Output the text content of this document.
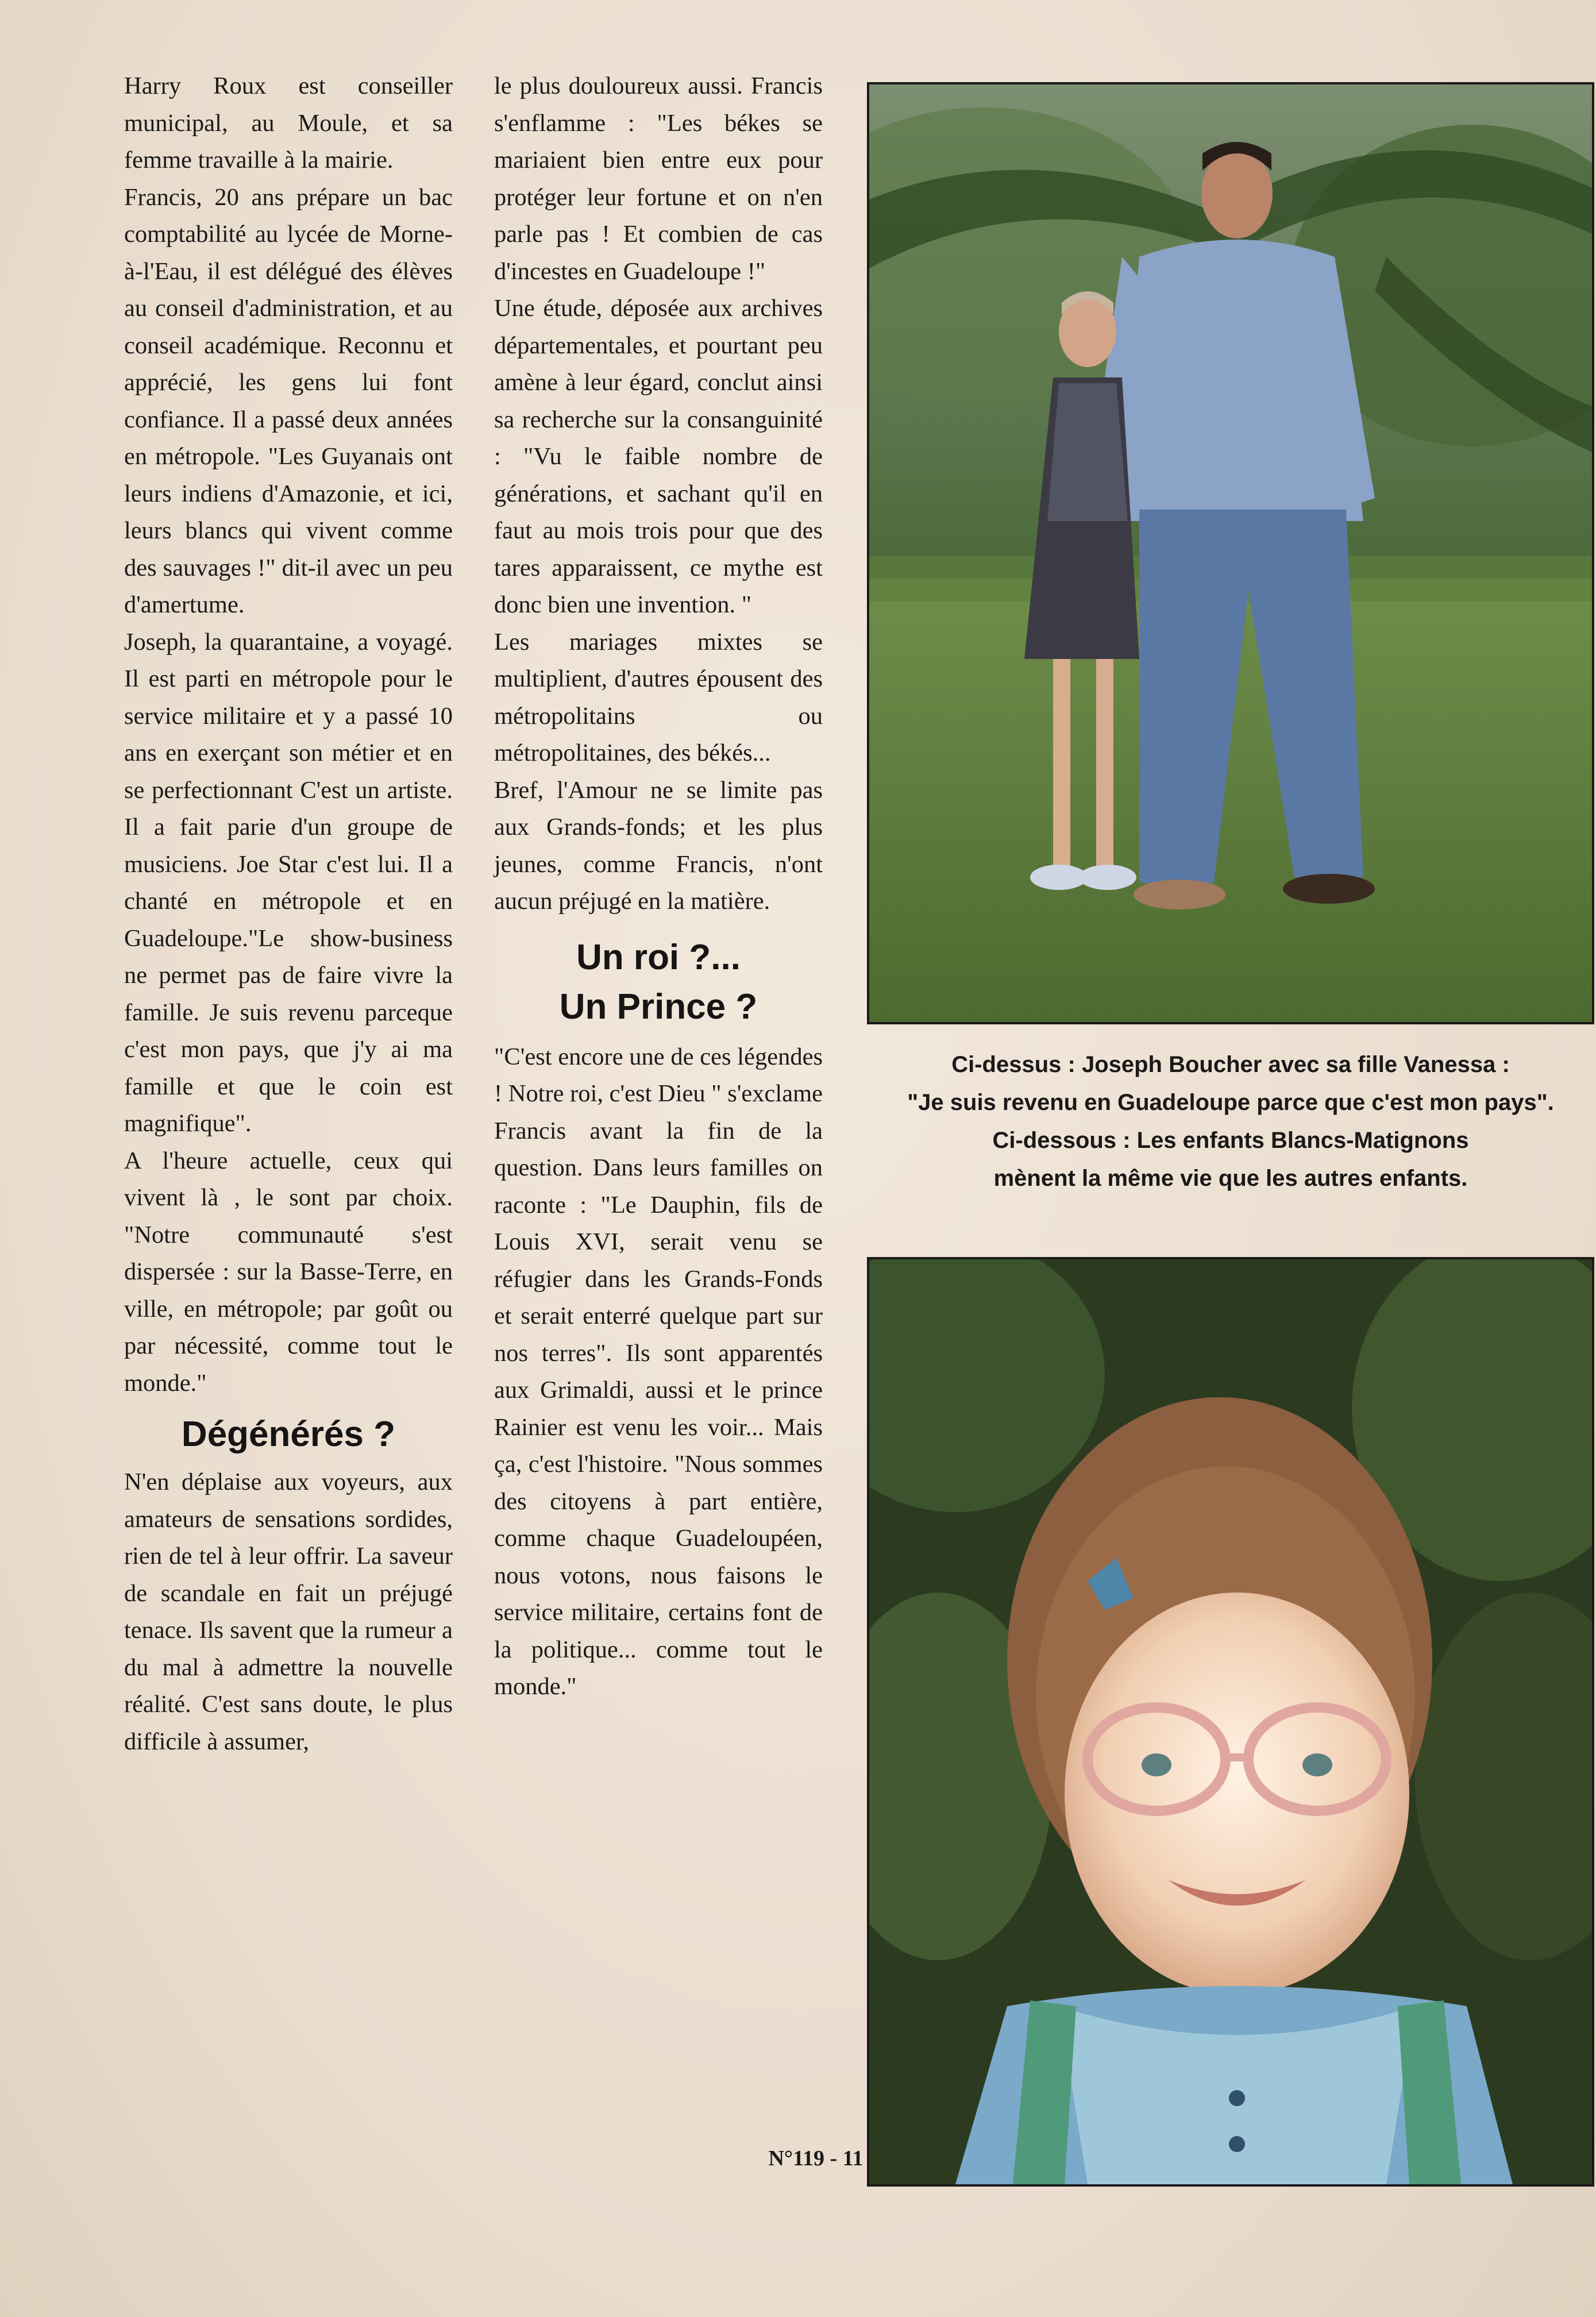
Harry Roux est conseiller municipal, au Moule, et sa femme travaille à la mairie.

Francis, 20 ans prépare un bac comptabilité au lycée de Morne-à-l'Eau, il est délégué des élèves au conseil d'administration, et au conseil académique. Reconnu et apprécié, les gens lui font confiance. Il a passé deux années en métropole. "Les Guyanais ont leurs indiens d'Amazonie, et ici, leurs blancs qui vivent comme des sauvages !" dit-il avec un peu d'amertume.

Joseph, la quarantaine, a voyagé. Il est parti en métropole pour le service militaire et y a passé 10 ans en exerçant son métier et en se perfectionnant C'est un artiste. Il a fait parie d'un groupe de musiciens. Joe Star c'est lui. Il a chanté en métropole et en Guadeloupe."Le show-business ne permet pas de faire vivre la famille. Je suis revenu parceque c'est mon pays, que j'y ai ma famille et que le coin est magnifique".

A l'heure actuelle, ceux qui vivent là , le sont par choix. "Notre communauté s'est dispersée : sur la Basse-Terre, en ville, en métropole; par goût ou par nécessité, comme tout le monde."

Dégénérés ?

N'en déplaise aux voyeurs, aux amateurs de sensations sordides, rien de tel à leur offrir. La saveur de scandale en fait un préjugé tenace. Ils savent que la rumeur a du mal à admettre la nouvelle réalité. C'est sans doute, le plus difficile à assumer,

le plus douloureux aussi. Francis s'enflamme : "Les békes se mariaient bien entre eux pour protéger leur fortune et on n'en parle pas ! Et combien de cas d'incestes en Guadeloupe !"

Une étude, déposée aux archives départementales, et pourtant peu amène à leur égard, conclut ainsi sa recherche sur la consanguinité : "Vu le faible nombre de générations, et sachant qu'il en faut au mois trois pour que des tares apparaissent, ce mythe est donc bien une invention. "

Les mariages mixtes se multiplient, d'autres épousent des métropolitains ou métropolitaines, des békés...

Bref, l'Amour ne se limite pas aux Grands-fonds; et les plus jeunes, comme Francis, n'ont aucun préjugé en la matière.

Un roi ?...
Un Prince ?

"C'est encore une de ces légendes ! Notre roi, c'est Dieu " s'exclame Francis avant la fin de la question. Dans leurs familles on raconte : "Le Dauphin, fils de Louis XVI, serait venu se réfugier dans les Grands-Fonds et serait enterré quelque part sur nos terres". Ils sont apparentés aux Grimaldi, aussi et le prince Rainier est venu les voir... Mais ça, c'est l'histoire. "Nous sommes des citoyens à part entière, comme chaque Guadeloupéen, nous votons, nous faisons le service militaire, certains font de la politique... comme tout le monde."

Ci-dessus : Joseph Boucher avec sa fille Vanessa :

"Je suis revenu en Guadeloupe parce que c'est mon pays".

Ci-dessous : Les enfants Blancs-Matignons

mènent la même vie que les autres enfants.

N°119 - 11
